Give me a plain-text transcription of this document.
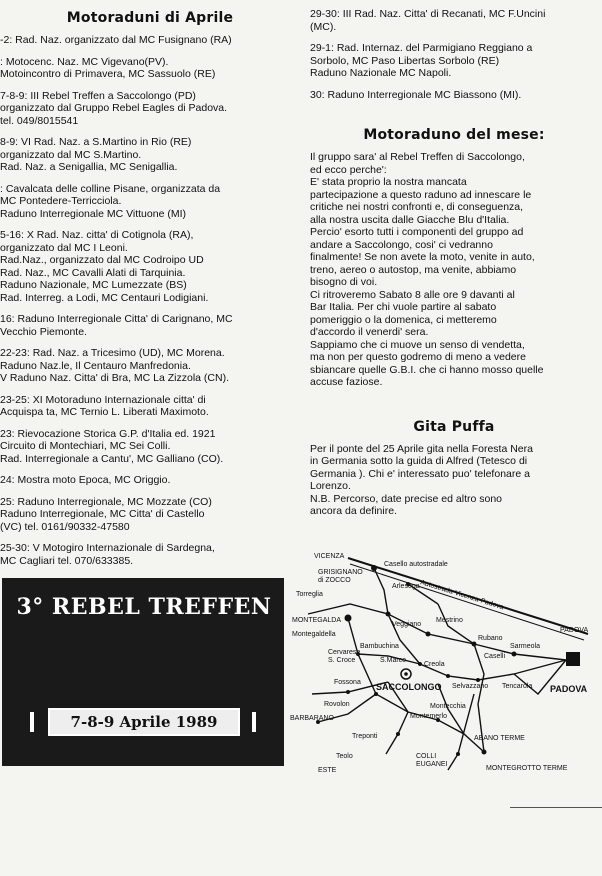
Motoraduni di Aprile
-2: Rad. Naz. organizzato dal MC Fusignano (RA)
: Motocenc. Naz. MC Vigevano(PV).
Motoincontro di Primavera, MC Sassuolo (RE)
7-8-9: III Rebel Treffen a Saccolongo (PD)
organizzato dal Gruppo Rebel Eagles di Padova.
tel. 049/8015541
8-9: VI Rad. Naz. a S.Martino in Rio (RE)
organizzato dal MC S.Martino.
Rad. Naz. a Senigallia, MC Senigallia.
: Cavalcata delle colline Pisane, organizzata da
MC Pontedere-Terricciola.
Raduno Interregionale MC Vittuone (MI)
5-16: X Rad. Naz. citta' di Cotignola (RA),
organizzato dal MC I Leoni.
Rad.Naz., organizzato dal MC Codroipo UD
Rad. Naz., MC Cavalli Alati di Tarquinia.
Raduno Nazionale, MC Lumezzate (BS)
Rad. Interreg. a Lodi, MC Centauri Lodigiani.
16: Raduno Interregionale Citta' di Carignano, MC
Vecchio Piemonte.
22-23: Rad. Naz. a Tricesimo (UD), MC Morena.
Raduno Naz.le, Il Centauro Manfredonia.
V Raduno Naz. Citta' di Bra, MC La Zizzola (CN).
23-25: XI Motoraduno Internazionale citta' di
Acquispa ta, MC Ternio L. Liberati Maximoto.
23: Rievocazione Storica G.P. d'Italia ed. 1921
Circuito di Montechiari, MC Sei Colli.
Rad. Interregionale a Cantu', MC Galliano (CO).
24: Mostra moto Epoca, MC Origgio.
25: Raduno Interregionale, MC Mozzate (CO)
Raduno Interregionale, MC Citta' di Castello
(VC) tel. 0161/90332-47580
25-30: V Motogiro Internazionale di Sardegna,
MC Cagliari tel. 070/633385.
29-30: III Rad. Naz. Citta' di Recanati, MC F.Uncini
(MC).
29-1: Rad. Internaz. del Parmigiano Reggiano a
Sorbolo, MC Paso Libertas Sorbolo (RE)
Raduno Nazionale MC Napoli.
30: Raduno Interregionale MC Biassono (MI).
Motoraduno del mese:
Il gruppo sara' al Rebel Treffen di Saccolongo,
ed ecco perche':
E' stata proprio la nostra mancata
partecipazione a questo raduno ad innescare le
critiche nei nostri confronti e, di conseguenza,
alla nostra uscita dalle Giacche Blu d'Italia.
Percio' esorto tutti i componenti del gruppo ad
andare a Saccolongo, cosi' ci vedranno
finalmente! Se non avete la moto, venite in auto,
treno, aereo o autostop, ma venite, abbiamo
bisogno di voi.
Ci ritroveremo Sabato 8 alle ore 9 davanti al
Bar Italia. Per chi vuole partire al sabato
pomeriggio o la domenica, ci metteremo
d'accordo il venerdi' sera.
Sappiamo che ci muove un senso di vendetta,
ma non per questo godremo di meno a vedere
sbiancare quelle G.B.I. che ci hanno mosso quelle
accuse faziose.
Gita Puffa
Per il ponte del 25 Aprile gita nella Foresta Nera
in Germania sotto la guida di Alfred (Tetesco di
Germania ). Chi e' interessato puo' telefonare a
Lorenzo.
N.B. Percorso, date precise ed altro sono
ancora da definire.
3° REBEL TREFFEN
7-8-9 Aprile 1989
VICENZA
Casello autostradale
Autostrada Vicenza-Padova
GRISIGNANO di ZOCCO
Torreglia
Arlesega
MONTEGALDA
Montegaldella
Veggiano
Mestrino
Rubano
Sarmeola
PADOVA
Bambuchina
Cervarese S. Croce	S.Marco
Creola
Caselli
Fossona SACCOLONGO Selvazzano Tencarola PADOVA
BARBARANO
Rovolon	Montecchia
Montemerlo
Treponti
Teolo
ABANO TERME
ESTE
COLLI EUGANEI
MONTEGROTTO TERME
